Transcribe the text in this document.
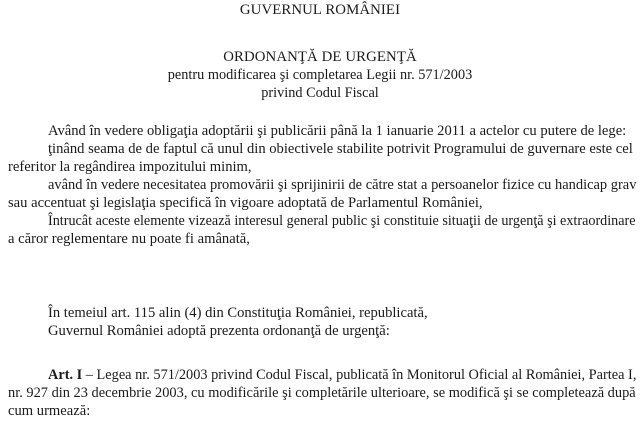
GUVERNUL ROMÂNIEI
ORDONANŢĂ DE URGENŢĂ
pentru modificarea şi completarea Legii nr. 571/2003
privind Codul Fiscal
Având în vedere obligaţia adoptării şi publicării până la 1 ianuarie 2011 a actelor cu putere de lege:
ţinând seama de de faptul că unul din obiectivele stabilite potrivit Programului de guvernare este cel
referitor la regândirea impozitului minim,
având în vedere necesitatea promovării şi sprijinirii de către stat a persoanelor fizice cu handicap grav
sau accentuat şi legislaţia specifică în vigoare adoptată de Parlamentul României,
Întrucât aceste elemente vizează interesul general public şi constituie situaţii de urgenţă şi extraordinare
a căror reglementare nu poate fi amânată,
În temeiul art. 115 alin (4) din Constituţia României, republicată,
Guvernul României adoptă prezenta ordonanţă de urgenţă:
Art. I – Legea nr. 571/2003 privind Codul Fiscal, publicată în Monitorul Oficial al României, Partea I,
nr. 927 din 23 decembrie 2003, cu modificările şi completările ulterioare, se modifică şi se completează după
cum urmează:
